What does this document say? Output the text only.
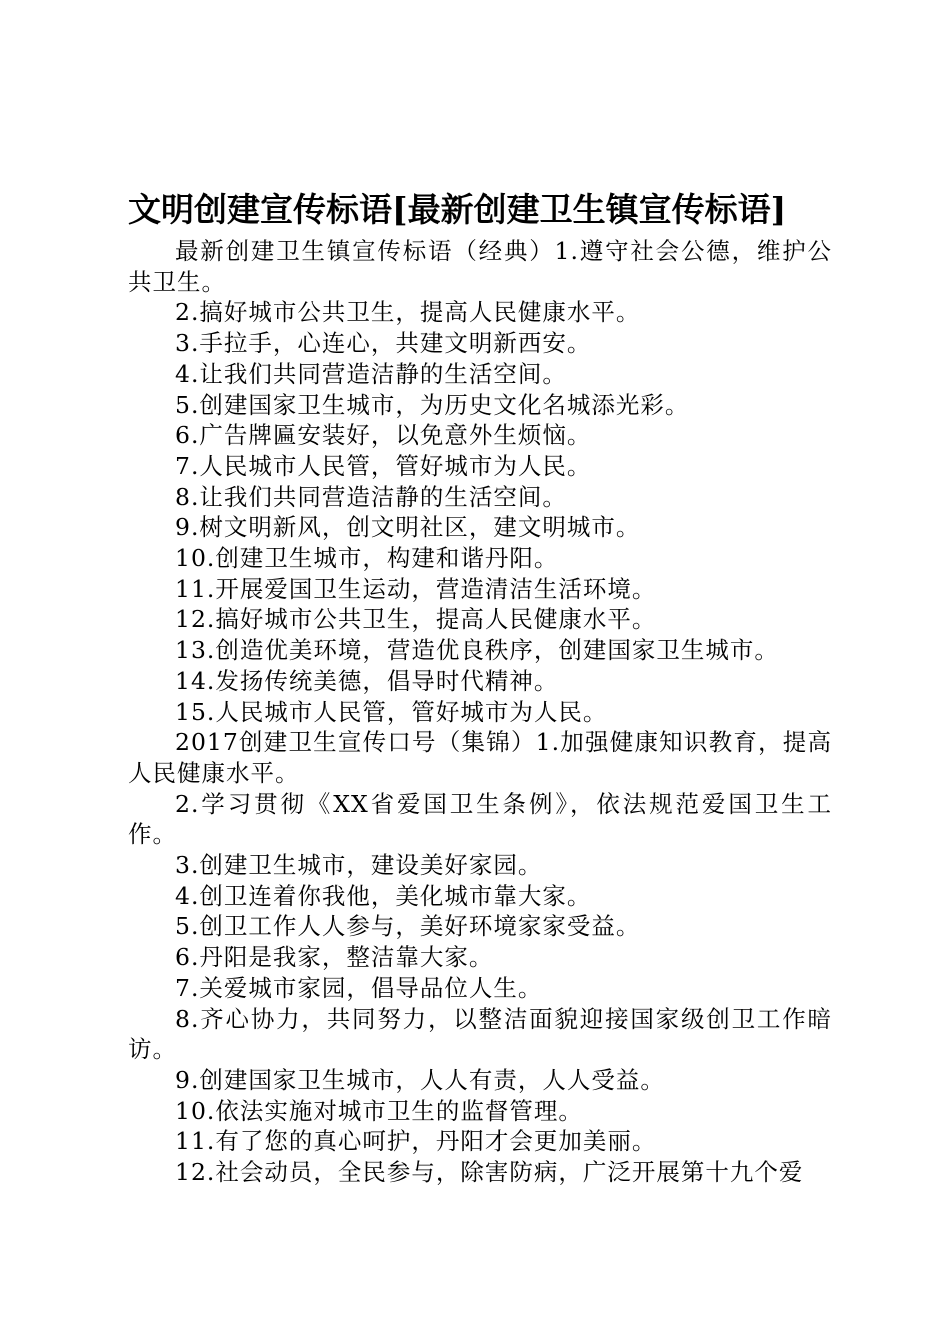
文明创建宣传标语[最新创建卫生镇宣传标语]

最新创建卫生镇宣传标语（经典）1.遵守社会公德，维护公共卫生。

2.搞好城市公共卫生，提高人民健康水平。

3.手拉手，心连心，共建文明新西安。

4.让我们共同营造洁静的生活空间。

5.创建国家卫生城市，为历史文化名城添光彩。

6.广告牌匾安装好，以免意外生烦恼。

7.人民城市人民管，管好城市为人民。

8.让我们共同营造洁静的生活空间。

9.树文明新风，创文明社区，建文明城市。

10.创建卫生城市，构建和谐丹阳。

11.开展爱国卫生运动，营造清洁生活环境。

12.搞好城市公共卫生，提高人民健康水平。

13.创造优美环境，营造优良秩序，创建国家卫生城市。

14.发扬传统美德，倡导时代精神。

15.人民城市人民管，管好城市为人民。

2017创建卫生宣传口号（集锦）1.加强健康知识教育，提高人民健康水平。

2.学习贯彻《XX省爱国卫生条例》，依法规范爱国卫生工作。

3.创建卫生城市，建设美好家园。

4.创卫连着你我他，美化城市靠大家。

5.创卫工作人人参与，美好环境家家受益。

6.丹阳是我家，整洁靠大家。

7.关爱城市家园，倡导品位人生。

8.齐心协力，共同努力，以整洁面貌迎接国家级创卫工作暗访。

9.创建国家卫生城市，人人有责，人人受益。

10.依法实施对城市卫生的监督管理。

11.有了您的真心呵护，丹阳才会更加美丽。

12.社会动员，全民参与，除害防病，广泛开展第十九个爱
